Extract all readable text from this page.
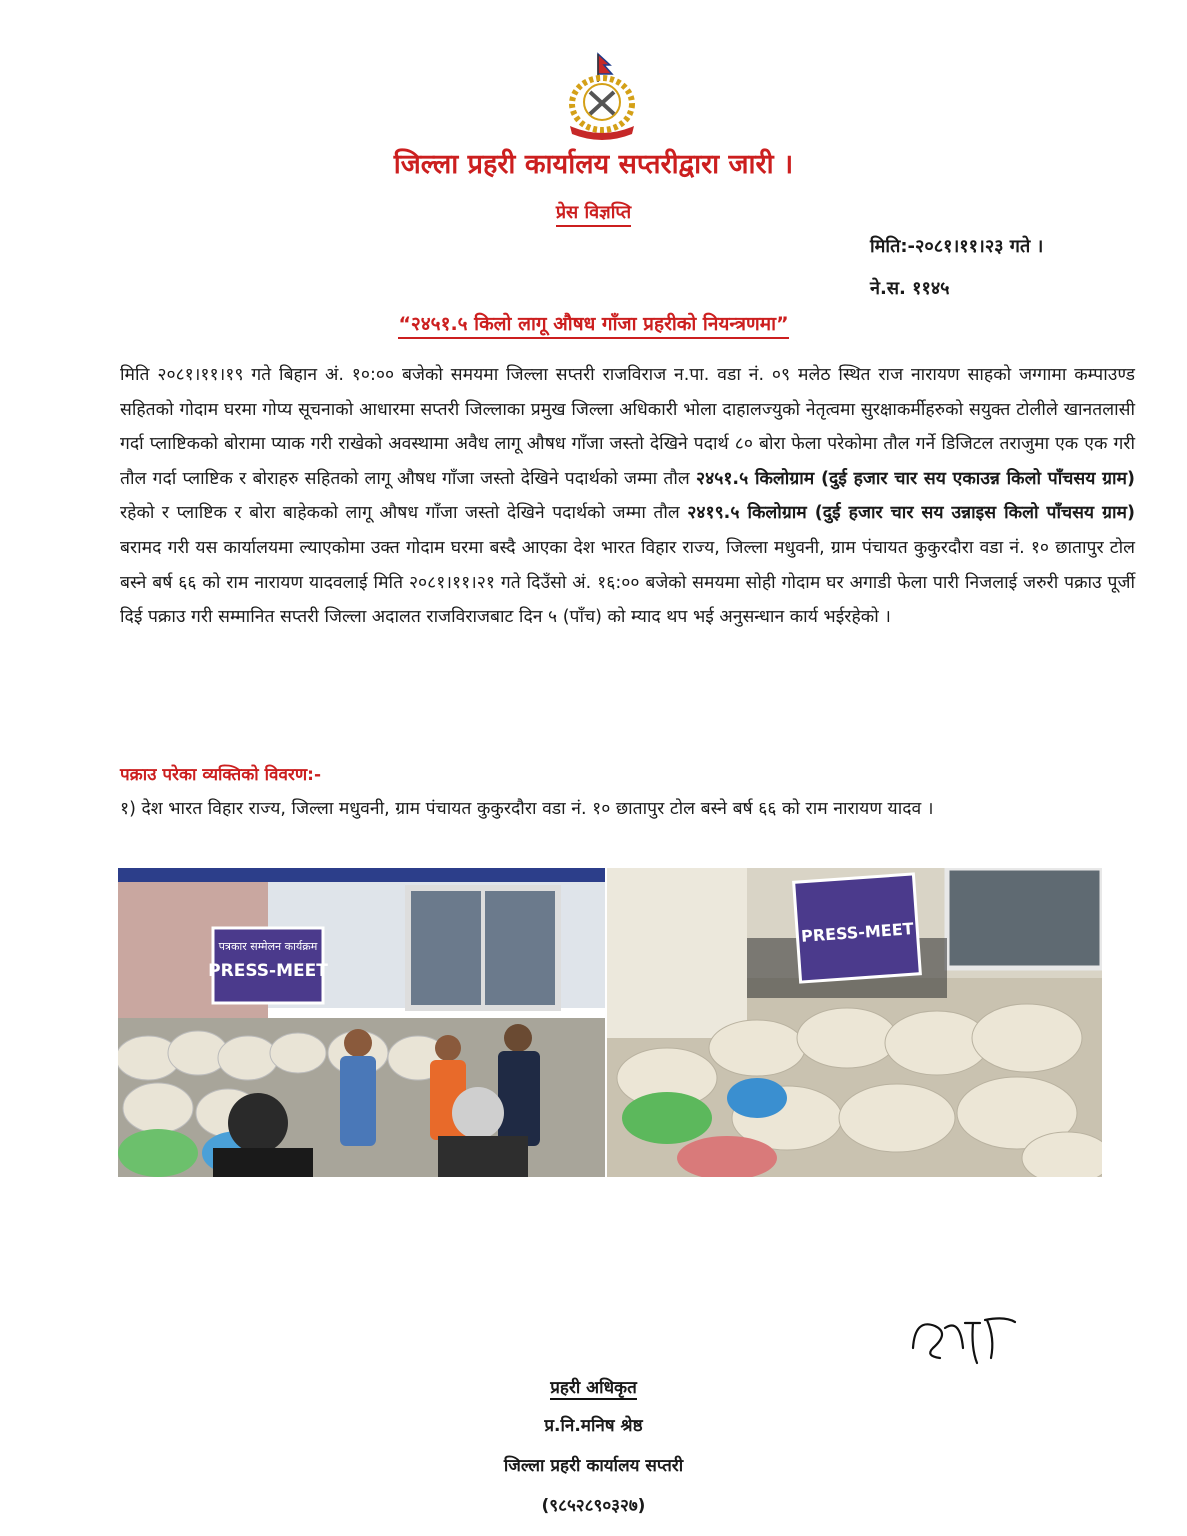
जिल्ला प्रहरी कार्यालय सप्तरीद्वारा जारी ।
प्रेस विज्ञप्ति
मिति:-२०८१।११।२३ गते ।
ने.स. ११४५
“२४५१.५ किलो लागू औषध गाँजा प्रहरीको नियन्त्रणमा”
मिति २०८१।११।१९ गते बिहान अं. १०:०० बजेको समयमा जिल्ला सप्तरी राजविराज न.पा. वडा नं. ०९ मलेठ स्थित राज नारायण साहको जग्गामा कम्पाउण्ड सहितको गोदाम घरमा गोप्य सूचनाको आधारमा सप्तरी जिल्लाका प्रमुख जिल्ला अधिकारी भोला दाहालज्युको नेतृत्वमा सुरक्षाकर्मीहरुको सयुक्त टोलीले खानतलासी गर्दा प्लाष्टिकको बोरामा प्याक गरी राखेको अवस्थामा अवैध लागू औषध गाँजा जस्तो देखिने पदार्थ ८० बोरा फेला परेकोमा तौल गर्ने डिजिटल तराजुमा एक एक गरी तौल गर्दा प्लाष्टिक र बोराहरु सहितको लागू औषध गाँजा जस्तो देखिने पदार्थको जम्मा तौल २४५१.५ किलोग्राम (दुई हजार चार सय एकाउन्न किलो पाँचसय ग्राम) रहेको र प्लाष्टिक र बोरा बाहेकको लागू औषध गाँजा जस्तो देखिने पदार्थको जम्मा तौल २४१९.५ किलोग्राम (दुई हजार चार सय उन्नाइस किलो पाँचसय ग्राम) बरामद गरी यस कार्यालयमा ल्याएकोमा उक्त गोदाम घरमा बस्दै आएका देश भारत विहार राज्य, जिल्ला मधुवनी, ग्राम पंचायत कुकुरदौरा वडा नं. १० छातापुर टोल बस्ने बर्ष ६६ को राम नारायण यादवलाई मिति २०८१।११।२१ गते दिउँसो अं. १६:०० बजेको समयमा सोही गोदाम घर अगाडी फेला पारी निजलाई जरुरी पक्राउ पूर्जी दिई पक्राउ गरी सम्मानित सप्तरी जिल्ला अदालत राजविराजबाट दिन ५ (पाँच) को म्याद थप भई अनुसन्धान कार्य भईरहेको ।
पक्राउ परेका व्यक्तिको विवरण:-
१) देश भारत विहार राज्य, जिल्ला मधुवनी, ग्राम पंचायत कुकुरदौरा वडा नं. १० छातापुर टोल बस्ने बर्ष ६६ को राम नारायण यादव ।
पत्रकार सम्मेलन कार्यक्रम
PRESS-MEET
PRESS-MEET
प्रहरी अधिकृत
प्र.नि.मनिष श्रेष्ठ
जिल्ला प्रहरी कार्यालय सप्तरी
(९८५२८९०३२७)
